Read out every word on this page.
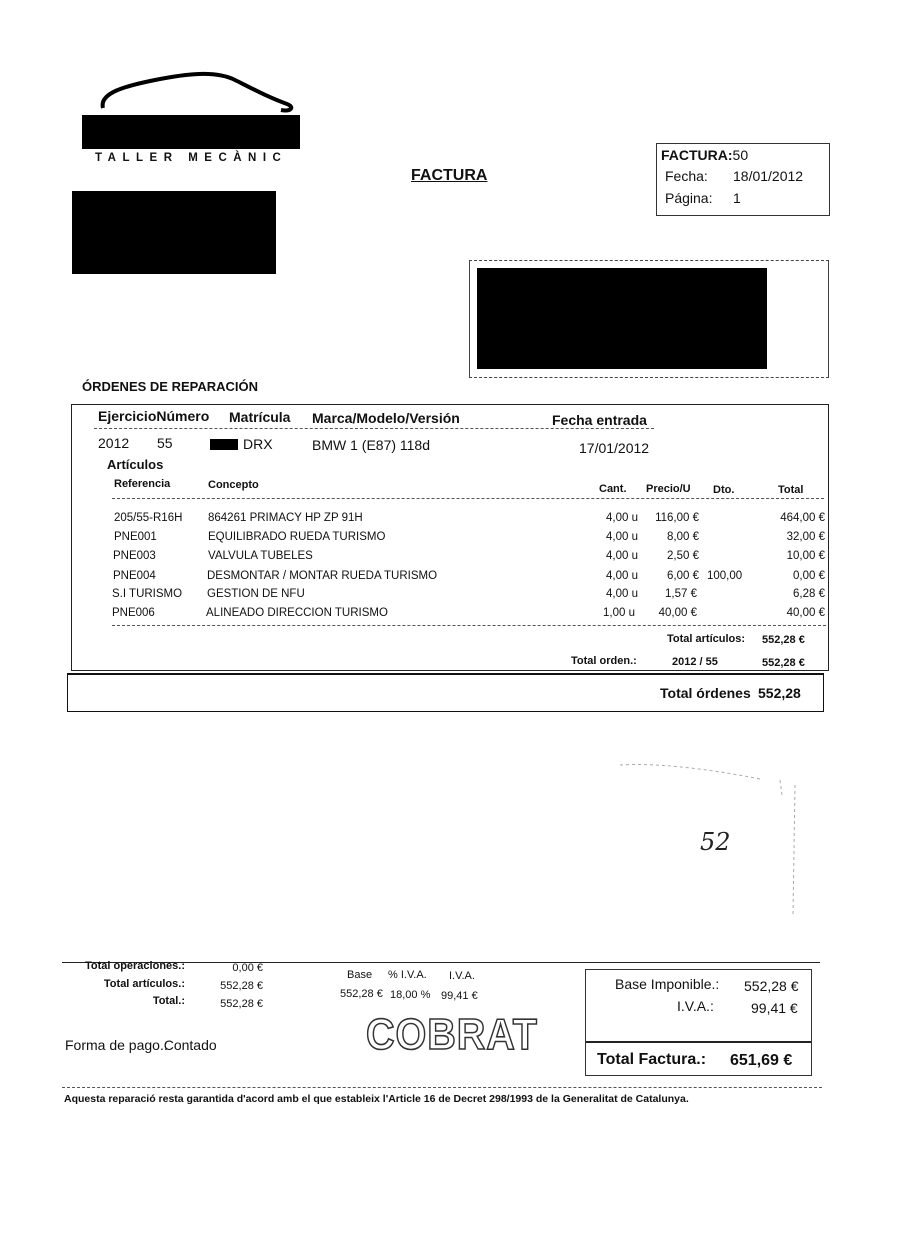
TALLER MECÀNIC
FACTURA
FACTURA:50
Fecha: 18/01/2012
Página: 1
ÓRDENES DE REPARACIÓN
EjercicioNúmero Matrícula Marca/Modelo/Versión	Fecha entrada
2012 55	DRX	BMW 1 (E87) 118d	17/01/2012
Artículos
Referencia	Concepto	Cant. Precio/U Dto.	Total
205/55-R16H 864261 PRIMACY HP ZP 91H	4,00 u 116,00 €	464,00 €
PNE001	EQUILIBRADO RUEDA TURISMO	4,00 u	8,00 €	32,00 €
PNE003	VALVULA TUBELES	4,00 u	2,50 €	10,00 €
PNE004	DESMONTAR / MONTAR RUEDA TURISMO	4,00 u	6,00 € 100,00	0,00 €
S.I TURISMO GESTION DE NFU	4,00 u 1,57 €	6,28 €
PNE006	ALINEADO DIRECCION TURISMO	1,00 u 40,00 €	40,00 €
Total artículos: 552,28 €
Total orden.:	2012 / 55	552,28 €
Total órdenes 552,28
52
Total operaciones.:	0,00 €
Total artículos.:	552,28 €
Total.:	552,28 €
Base % I.V.A. I.V.A.
552,28 € 18,00 % 99,41 €
Forma de pago.:Contado	COBRAT
Base Imponible.: 552,28 €
I.V.A.:	99,41 €
Total Factura.: 651,69 €
Aquesta reparació resta garantida d'acord amb el que estableix l'Article 16 de Decret 298/1993 de la Generalitat de Catalunya.
